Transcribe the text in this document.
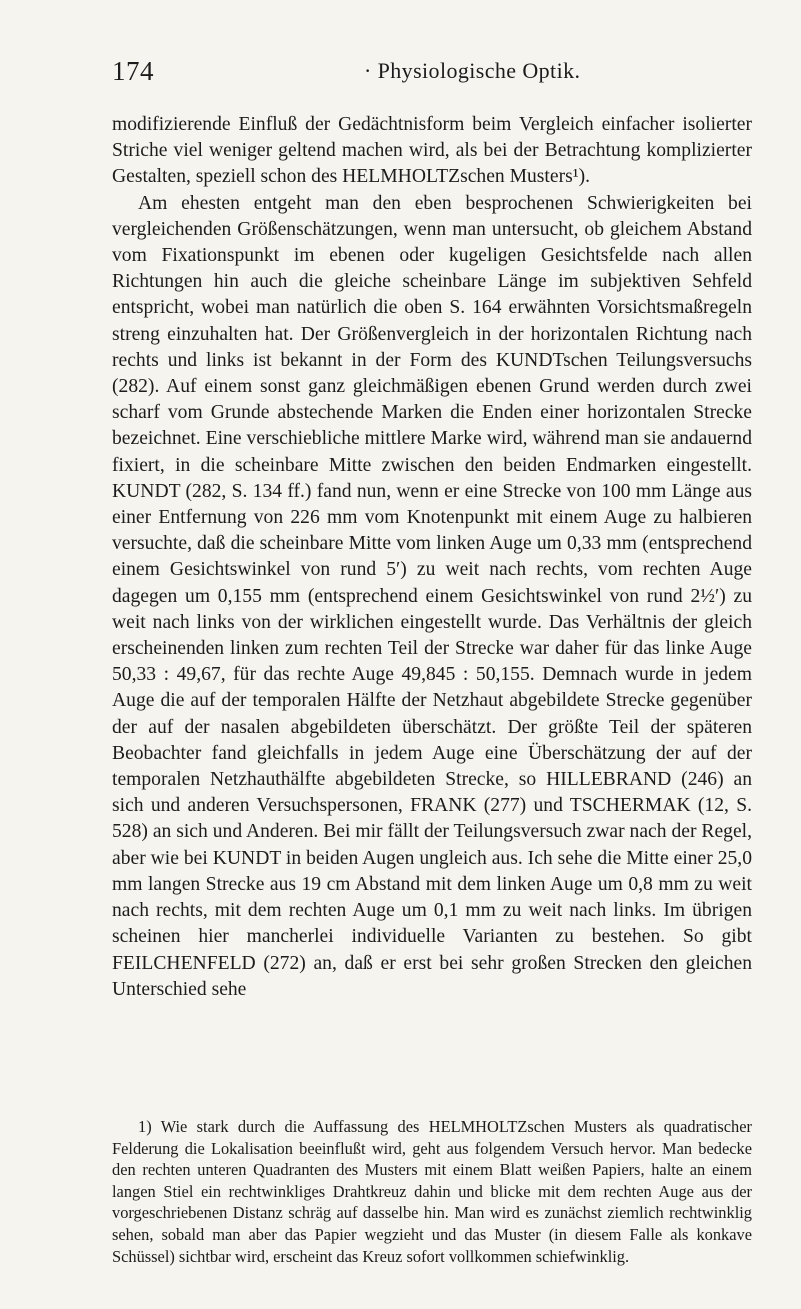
174	· Physiologische Optik.

modifizierende Einfluß der Gedächtnisform beim Vergleich einfacher isolierter Striche viel weniger geltend machen wird, als bei der Betrachtung komplizierter Gestalten, speziell schon des HELMHOLTZschen Musters¹).

Am ehesten entgeht man den eben besprochenen Schwierigkeiten bei vergleichenden Größenschätzungen, wenn man untersucht, ob gleichem Abstand vom Fixationspunkt im ebenen oder kugeligen Gesichtsfelde nach allen Richtungen hin auch die gleiche scheinbare Länge im subjektiven Sehfeld entspricht, wobei man natürlich die oben S. 164 erwähnten Vorsichtsmaßregeln streng einzuhalten hat. Der Größenvergleich in der horizontalen Richtung nach rechts und links ist bekannt in der Form des KUNDTschen Teilungsversuchs (282). Auf einem sonst ganz gleichmäßigen ebenen Grund werden durch zwei scharf vom Grunde abstechende Marken die Enden einer horizontalen Strecke bezeichnet. Eine verschiebliche mittlere Marke wird, während man sie andauernd fixiert, in die scheinbare Mitte zwischen den beiden Endmarken eingestellt. KUNDT (282, S. 134 ff.) fand nun, wenn er eine Strecke von 100 mm Länge aus einer Entfernung von 226 mm vom Knotenpunkt mit einem Auge zu halbieren versuchte, daß die scheinbare Mitte vom linken Auge um 0,33 mm (entsprechend einem Gesichtswinkel von rund 5′) zu weit nach rechts, vom rechten Auge dagegen um 0,155 mm (entsprechend einem Gesichtswinkel von rund 2½′) zu weit nach links von der wirklichen eingestellt wurde. Das Verhältnis der gleich erscheinenden linken zum rechten Teil der Strecke war daher für das linke Auge 50,33 : 49,67, für das rechte Auge 49,845 : 50,155. Demnach wurde in jedem Auge die auf der temporalen Hälfte der Netzhaut abgebildete Strecke gegenüber der auf der nasalen abgebildeten überschätzt. Der größte Teil der späteren Beobachter fand gleichfalls in jedem Auge eine Überschätzung der auf der temporalen Netzhauthälfte abgebildeten Strecke, so HILLEBRAND (246) an sich und anderen Versuchspersonen, FRANK (277) und TSCHERMAK (12, S. 528) an sich und Anderen. Bei mir fällt der Teilungsversuch zwar nach der Regel, aber wie bei KUNDT in beiden Augen ungleich aus. Ich sehe die Mitte einer 25,0 mm langen Strecke aus 19 cm Abstand mit dem linken Auge um 0,8 mm zu weit nach rechts, mit dem rechten Auge um 0,1 mm zu weit nach links. Im übrigen scheinen hier mancherlei individuelle Varianten zu bestehen. So gibt FEILCHENFELD (272) an, daß er erst bei sehr großen Strecken den gleichen Unterschied sehe

1) Wie stark durch die Auffassung des HELMHOLTZschen Musters als quadratischer Felderung die Lokalisation beeinflußt wird, geht aus folgendem Versuch hervor. Man bedecke den rechten unteren Quadranten des Musters mit einem Blatt weißen Papiers, halte an einem langen Stiel ein rechtwinkliges Drahtkreuz dahin und blicke mit dem rechten Auge aus der vorgeschriebenen Distanz schräg auf dasselbe hin. Man wird es zunächst ziemlich rechtwinklig sehen, sobald man aber das Papier wegzieht und das Muster (in diesem Falle als konkave Schüssel) sichtbar wird, erscheint das Kreuz sofort vollkommen schiefwinklig.
